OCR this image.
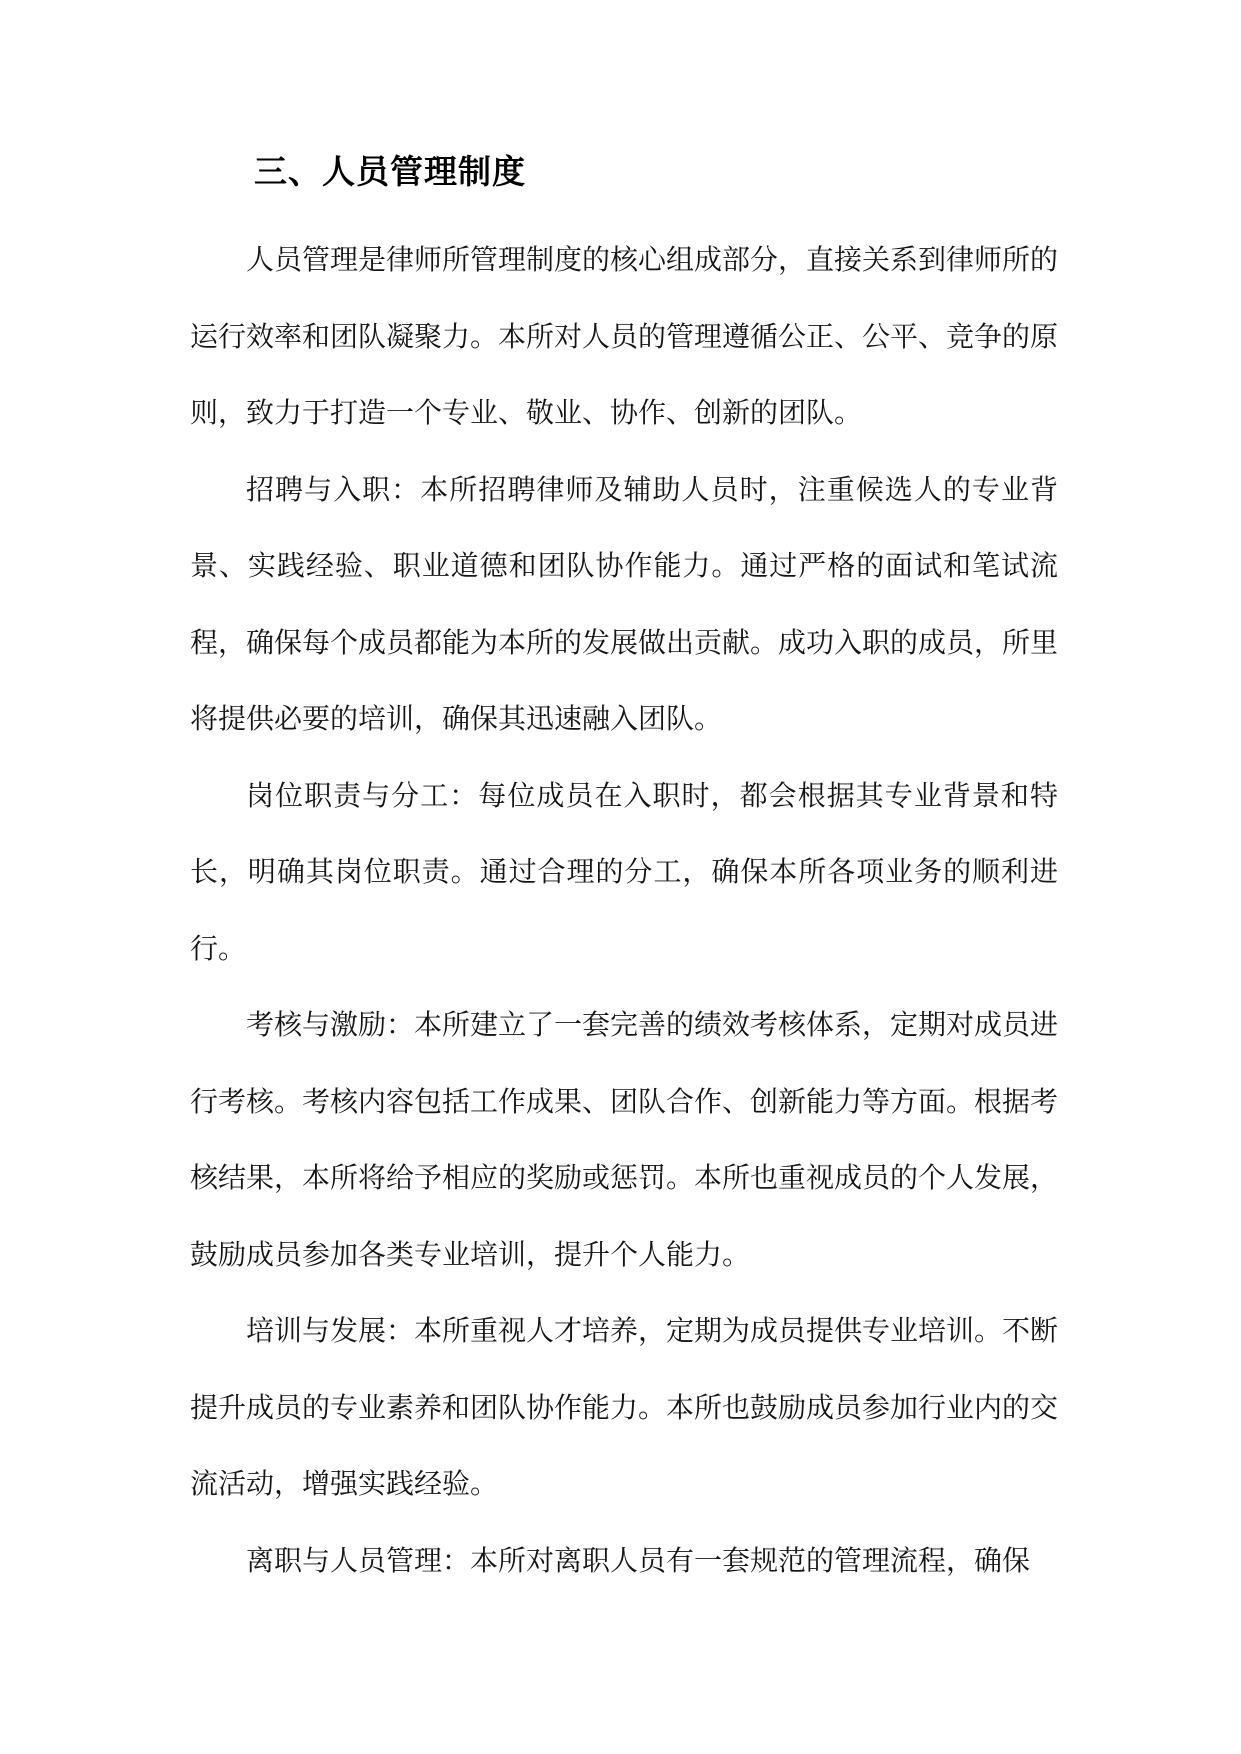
三、人员管理制度

人员管理是律师所管理制度的核心组成部分，直接关系到律师所的运行效率和团队凝聚力。本所对人员的管理遵循公正、公平、竞争的原则，致力于打造一个专业、敬业、协作、创新的团队。

招聘与入职：本所招聘律师及辅助人员时，注重候选人的专业背景、实践经验、职业道德和团队协作能力。通过严格的面试和笔试流程，确保每个成员都能为本所的发展做出贡献。成功入职的成员，所里将提供必要的培训，确保其迅速融入团队。

岗位职责与分工：每位成员在入职时，都会根据其专业背景和特长，明确其岗位职责。通过合理的分工，确保本所各项业务的顺利进行。

考核与激励：本所建立了一套完善的绩效考核体系，定期对成员进行考核。考核内容包括工作成果、团队合作、创新能力等方面。根据考核结果，本所将给予相应的奖励或惩罚。本所也重视成员的个人发展，鼓励成员参加各类专业培训，提升个人能力。

培训与发展：本所重视人才培养，定期为成员提供专业培训。不断提升成员的专业素养和团队协作能力。本所也鼓励成员参加行业内的交流活动，增强实践经验。

离职与人员管理：本所对离职人员有一套规范的管理流程，确保
